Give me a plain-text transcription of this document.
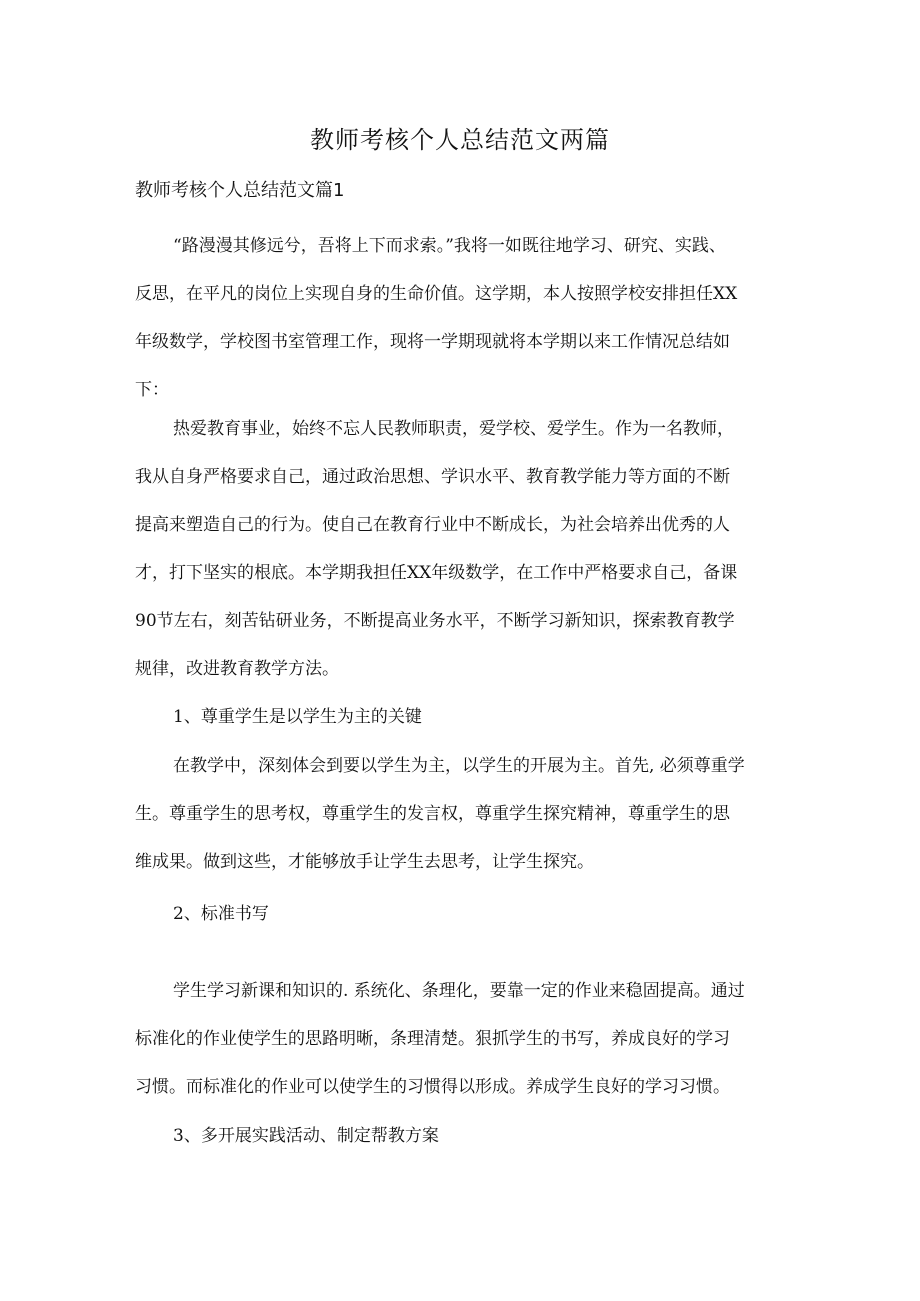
教师考核个人总结范文两篇
教师考核个人总结范文篇1
“路漫漫其修远兮，吾将上下而求索。”我将一如既往地学习、研究、实践、
反思，在平凡的岗位上实现自身的生命价值。这学期，本人按照学校安排担任XX
年级数学，学校图书室管理工作，现将一学期现就将本学期以来工作情况总结如
下：
热爱教育事业，始终不忘人民教师职责，爱学校、爱学生。作为一名教师，
我从自身严格要求自己，通过政治思想、学识水平、教育教学能力等方面的不断
提高来塑造自己的行为。使自己在教育行业中不断成长，为社会培养出优秀的人
才，打下坚实的根底。本学期我担任XX年级数学，在工作中严格要求自己，备课
90节左右，刻苦钻研业务，不断提高业务水平，不断学习新知识，探索教育教学
规律，改进教育教学方法。
1、尊重学生是以学生为主的关键
在教学中，深刻体会到要以学生为主，以学生的开展为主。首先, 必须尊重学
生。尊重学生的思考权，尊重学生的发言权，尊重学生探究精神，尊重学生的思
维成果。做到这些，才能够放手让学生去思考，让学生探究。
2、标准书写
学生学习新课和知识的. 系统化、条理化，要靠一定的作业来稳固提高。通过
标准化的作业使学生的思路明晰，条理清楚。狠抓学生的书写，养成良好的学习
习惯。而标准化的作业可以使学生的习惯得以形成。养成学生良好的学习习惯。
3、多开展实践活动、制定帮教方案
